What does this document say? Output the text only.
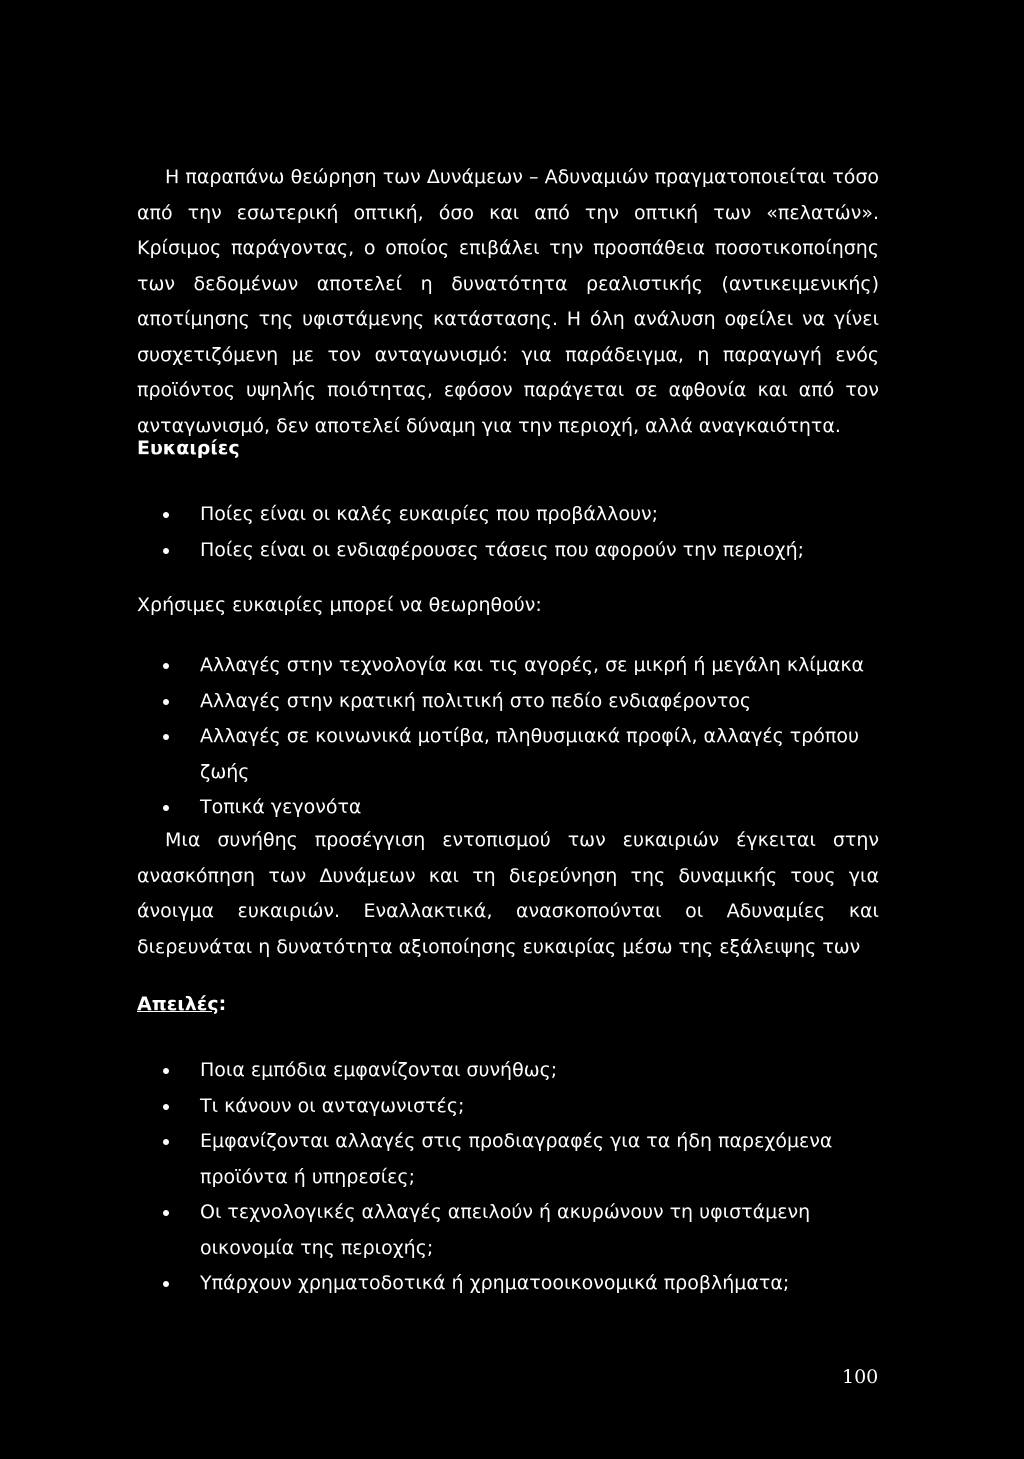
Η παραπάνω θεώρηση των Δυνάμεων – Αδυναμιών πραγματοποιείται τόσο από την εσωτερική οπτική, όσο και από την οπτική των «πελατών». Κρίσιμος παράγοντας, ο οποίος επιβάλει την προσπάθεια ποσοτικοποίησης των δεδομένων αποτελεί η δυνατότητα ρεαλιστικής (αντικειμενικής) αποτίμησης της υφιστάμενης κατάστασης. Η όλη ανάλυση οφείλει να γίνει συσχετιζόμενη με τον ανταγωνισμό: για παράδειγμα, η παραγωγή ενός προϊόντος υψηλής ποιότητας, εφόσον παράγεται σε αφθονία και από τον ανταγωνισμό, δεν αποτελεί δύναμη για την περιοχή, αλλά αναγκαιότητα.

Ευκαιρίες
Ποίες είναι οι καλές ευκαιρίες που προβάλλουν;
Ποίες είναι οι ενδιαφέρουσες τάσεις που αφορούν την περιοχή;

Χρήσιμες ευκαιρίες μπορεί να θεωρηθούν:

Αλλαγές στην τεχνολογία και τις αγορές, σε μικρή ή μεγάλη κλίμακα
Αλλαγές στην κρατική πολιτική στο πεδίο ενδιαφέροντος
Αλλαγές σε κοινωνικά μοτίβα, πληθυσμιακά προφίλ, αλλαγές τρόπου ζωής
Τοπικά γεγονότα

Μια συνήθης προσέγγιση εντοπισμού των ευκαιριών έγκειται στην ανασκόπηση των Δυνάμεων και τη διερεύνηση της δυναμικής τους για άνοιγμα ευκαιριών. Εναλλακτικά, ανασκοπούνται οι Αδυναμίες και διερευνάται η δυνατότητα αξιοποίησης ευκαιρίας μέσω της εξάλειψης των

Απειλές:
Ποια εμπόδια εμφανίζονται συνήθως;
Τι κάνουν οι ανταγωνιστές;
Εμφανίζονται αλλαγές στις προδιαγραφές για τα ήδη παρεχόμενα προϊόντα ή υπηρεσίες;
Οι τεχνολογικές αλλαγές απειλούν ή ακυρώνουν τη υφιστάμενη οικονομία της περιοχής;
Υπάρχουν χρηματοδοτικά ή χρηματοοικονομικά προβλήματα;
100
